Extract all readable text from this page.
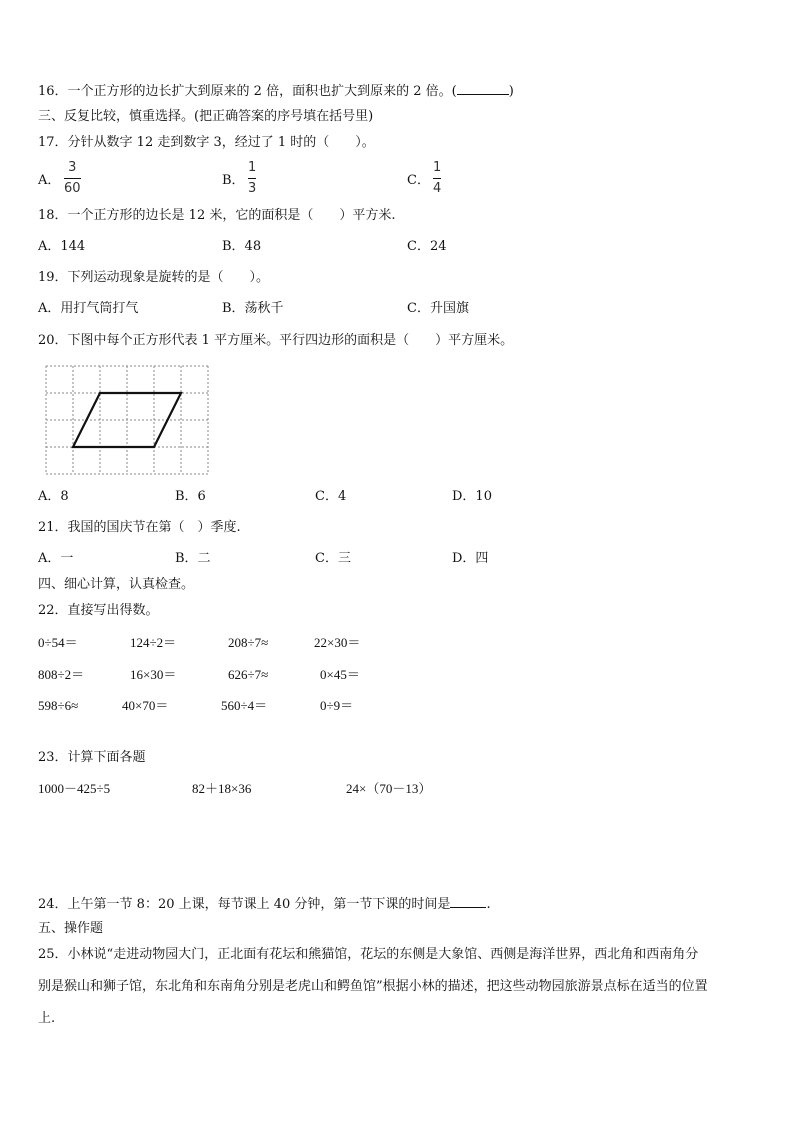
16．一个正方形的边长扩大到原来的 2 倍，面积也扩大到原来的 2 倍。(	)
三、反复比较，慎重选择。(把正确答案的序号填在括号里)
17．分针从数字 12 走到数字 3，经过了 1 时的（　　）。
A．
3
60
B．
1
3
C．
1
4
18．一个正方形的边长是 12 米，它的面积是（　　）平方米.
A．144	B．48	C．24
19．下列运动现象是旋转的是（　　）。
A．用打气筒打气	B．荡秋千	C．升国旗
20．下图中每个正方形代表 1 平方厘米。平行四边形的面积是（　　）平方厘米。
A．8	B．6	C．4	D．10
21．我国的国庆节在第（　）季度.
A．一	B．二	C．三	D．四
四、细心计算，认真检查。
22．直接写出得数。
0÷54＝	124÷2＝	208÷7≈	22×30＝
808÷2＝	16×30＝	626÷7≈	0×45＝
598÷6≈	40×70＝	560÷4＝	0÷9＝
23．计算下面各题
1000－425÷5	82＋18×36	24×（70－13）
24．上午第一节 8：20 上课，每节课上 40 分钟，第一节下课的时间是	.
五、操作题
25．小林说“走进动物园大门，正北面有花坛和熊猫馆，花坛的东侧是大象馆、西侧是海洋世界，西北角和西南角分
别是猴山和狮子馆，东北角和东南角分别是老虎山和鳄鱼馆”根据小林的描述，把这些动物园旅游景点标在适当的位置
上.
